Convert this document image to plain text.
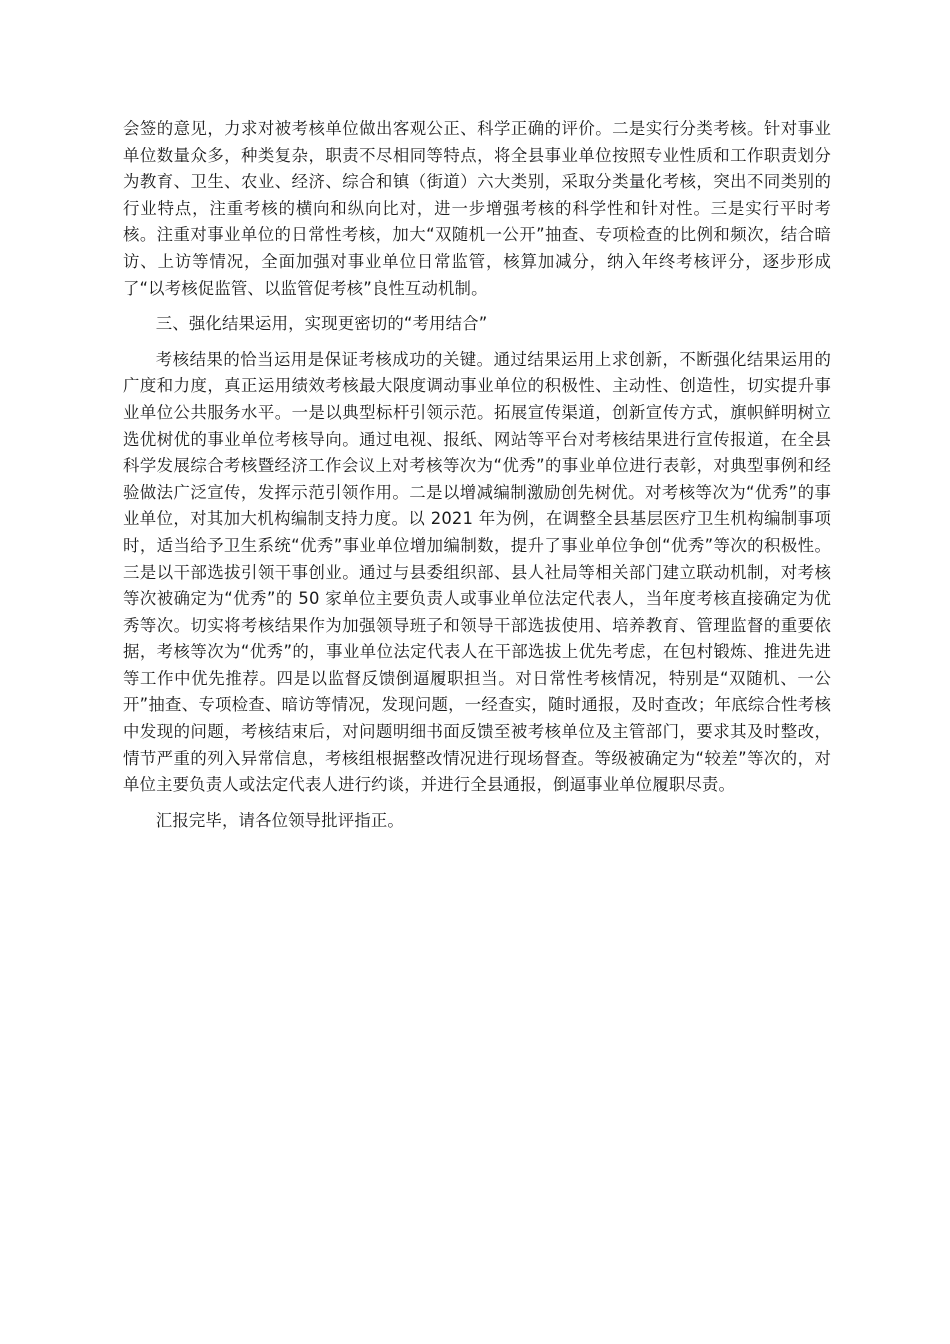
会签的意见，力求对被考核单位做出客观公正、科学正确的评价。二是实行分类考核。针对事业单位数量众多，种类复杂，职责不尽相同等特点，将全县事业单位按照专业性质和工作职责划分为教育、卫生、农业、经济、综合和镇（街道）六大类别，采取分类量化考核，突出不同类别的行业特点，注重考核的横向和纵向比对，进一步增强考核的科学性和针对性。三是实行平时考核。注重对事业单位的日常性考核，加大“双随机一公开”抽查、专项检查的比例和频次，结合暗访、上访等情况，全面加强对事业单位日常监管，核算加减分，纳入年终考核评分，逐步形成了“以考核促监管、以监管促考核”良性互动机制。

三、强化结果运用，实现更密切的“考用结合”

考核结果的恰当运用是保证考核成功的关键。通过结果运用上求创新，不断强化结果运用的广度和力度，真正运用绩效考核最大限度调动事业单位的积极性、主动性、创造性，切实提升事业单位公共服务水平。一是以典型标杆引领示范。拓展宣传渠道，创新宣传方式，旗帜鲜明树立选优树优的事业单位考核导向。通过电视、报纸、网站等平台对考核结果进行宣传报道，在全县科学发展综合考核暨经济工作会议上对考核等次为“优秀”的事业单位进行表彰，对典型事例和经验做法广泛宣传，发挥示范引领作用。二是以增减编制激励创先树优。对考核等次为“优秀”的事业单位，对其加大机构编制支持力度。以 2021 年为例，在调整全县基层医疗卫生机构编制事项时，适当给予卫生系统“优秀”事业单位增加编制数，提升了事业单位争创“优秀”等次的积极性。三是以干部选拔引领干事创业。通过与县委组织部、县人社局等相关部门建立联动机制，对考核等次被确定为“优秀”的 50 家单位主要负责人或事业单位法定代表人，当年度考核直接确定为优秀等次。切实将考核结果作为加强领导班子和领导干部选拔使用、培养教育、管理监督的重要依据，考核等次为“优秀”的，事业单位法定代表人在干部选拔上优先考虑，在包村锻炼、推进先进等工作中优先推荐。四是以监督反馈倒逼履职担当。对日常性考核情况，特别是“双随机、一公开”抽查、专项检查、暗访等情况，发现问题，一经查实，随时通报，及时查改；年底综合性考核中发现的问题，考核结束后，对问题明细书面反馈至被考核单位及主管部门，要求其及时整改，情节严重的列入异常信息，考核组根据整改情况进行现场督查。等级被确定为“较差”等次的，对单位主要负责人或法定代表人进行约谈，并进行全县通报，倒逼事业单位履职尽责。

汇报完毕，请各位领导批评指正。
